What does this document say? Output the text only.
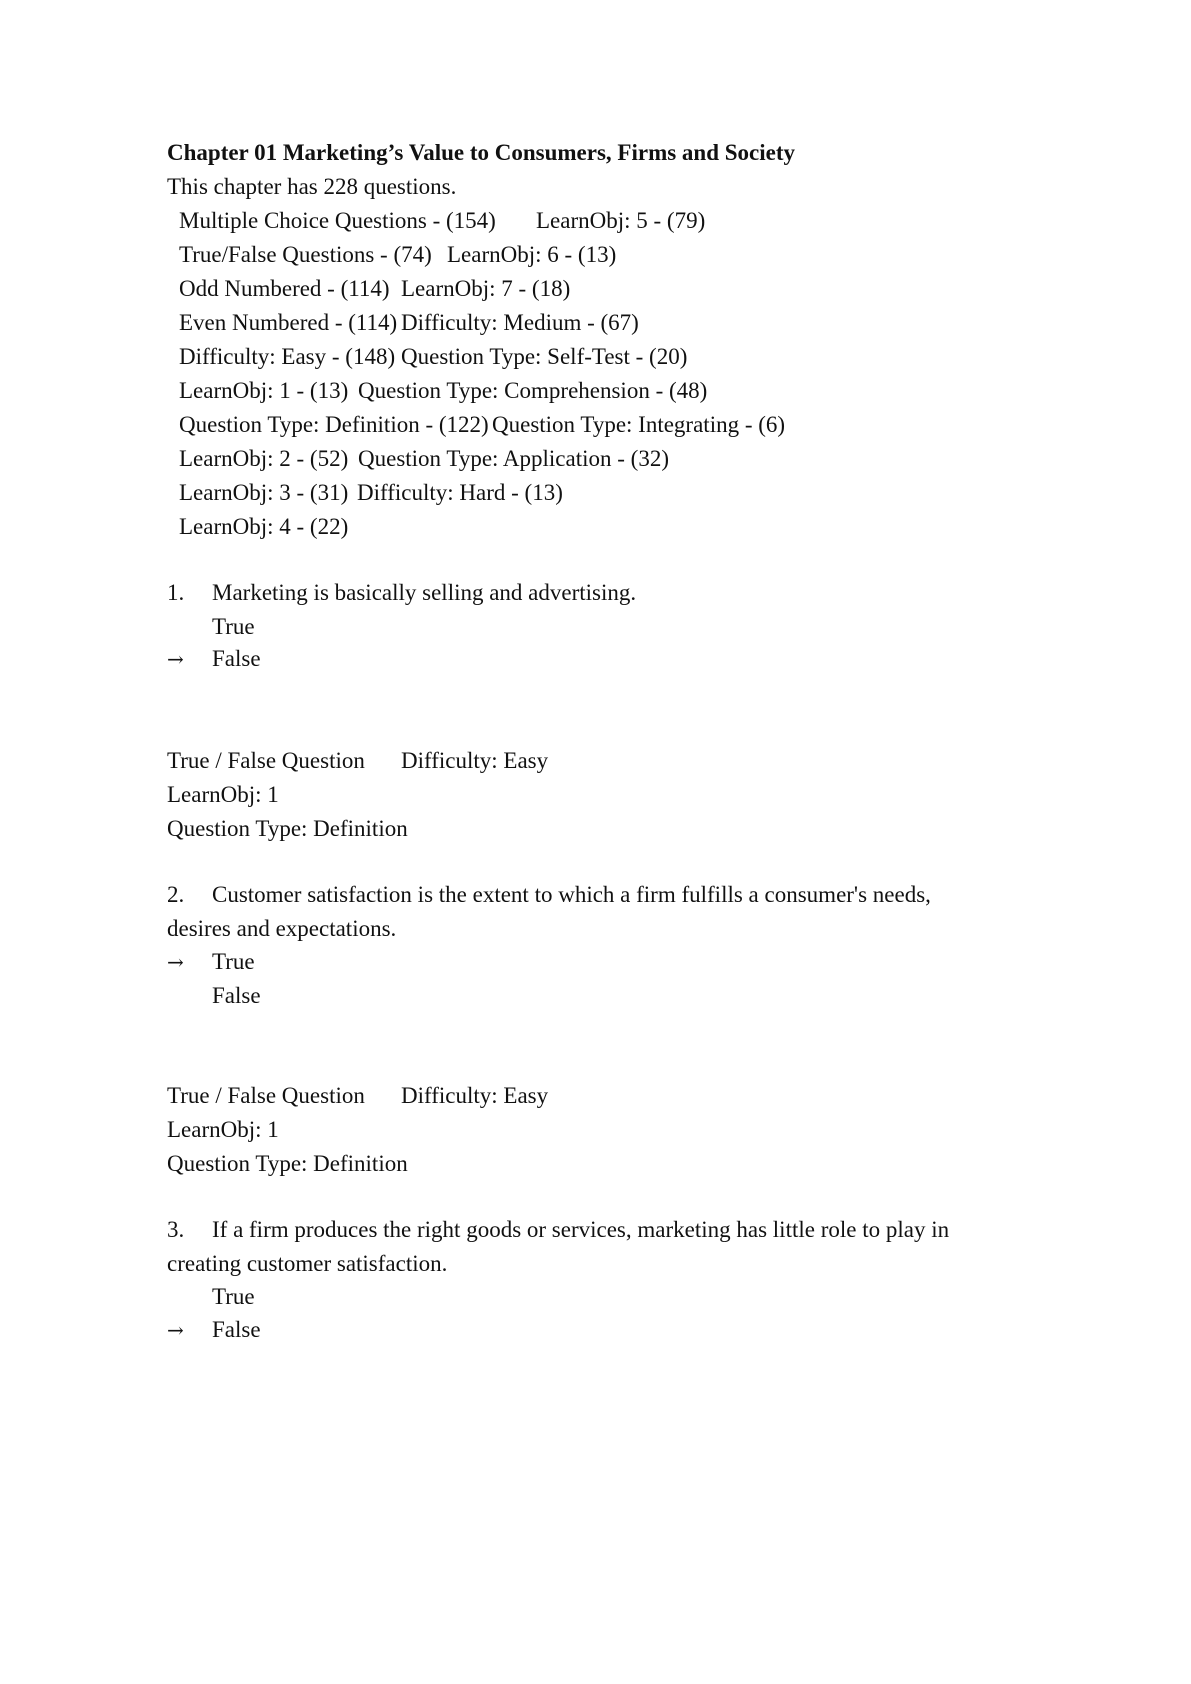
Chapter 01 Marketing’s Value to Consumers, Firms and Society
This chapter has 228 questions.
Multiple Choice Questions - (154) LearnObj: 5 - (79)
True/False Questions - (74) LearnObj: 6 - (13)
Odd Numbered - (114) LearnObj: 7 - (18)
Even Numbered - (114) Difficulty: Medium - (67)
Difficulty: Easy - (148) Question Type: Self-Test - (20)
LearnObj: 1 - (13) Question Type: Comprehension - (48)
Question Type: Definition - (122) Question Type: Integrating - (6)
LearnObj: 2 - (52) Question Type: Application - (32)
LearnObj: 3 - (31) Difficulty: Hard - (13)
LearnObj: 4 - (22)
1. Marketing is basically selling and advertising.
True
→ False
True / False Question Difficulty: Easy
LearnObj: 1
Question Type: Definition
2. Customer satisfaction is the extent to which a firm fulfills a consumer's needs,
desires and expectations.
→ True
False
True / False Question Difficulty: Easy
LearnObj: 1
Question Type: Definition
3. If a firm produces the right goods or services, marketing has little role to play in
creating customer satisfaction.
True
→ False
